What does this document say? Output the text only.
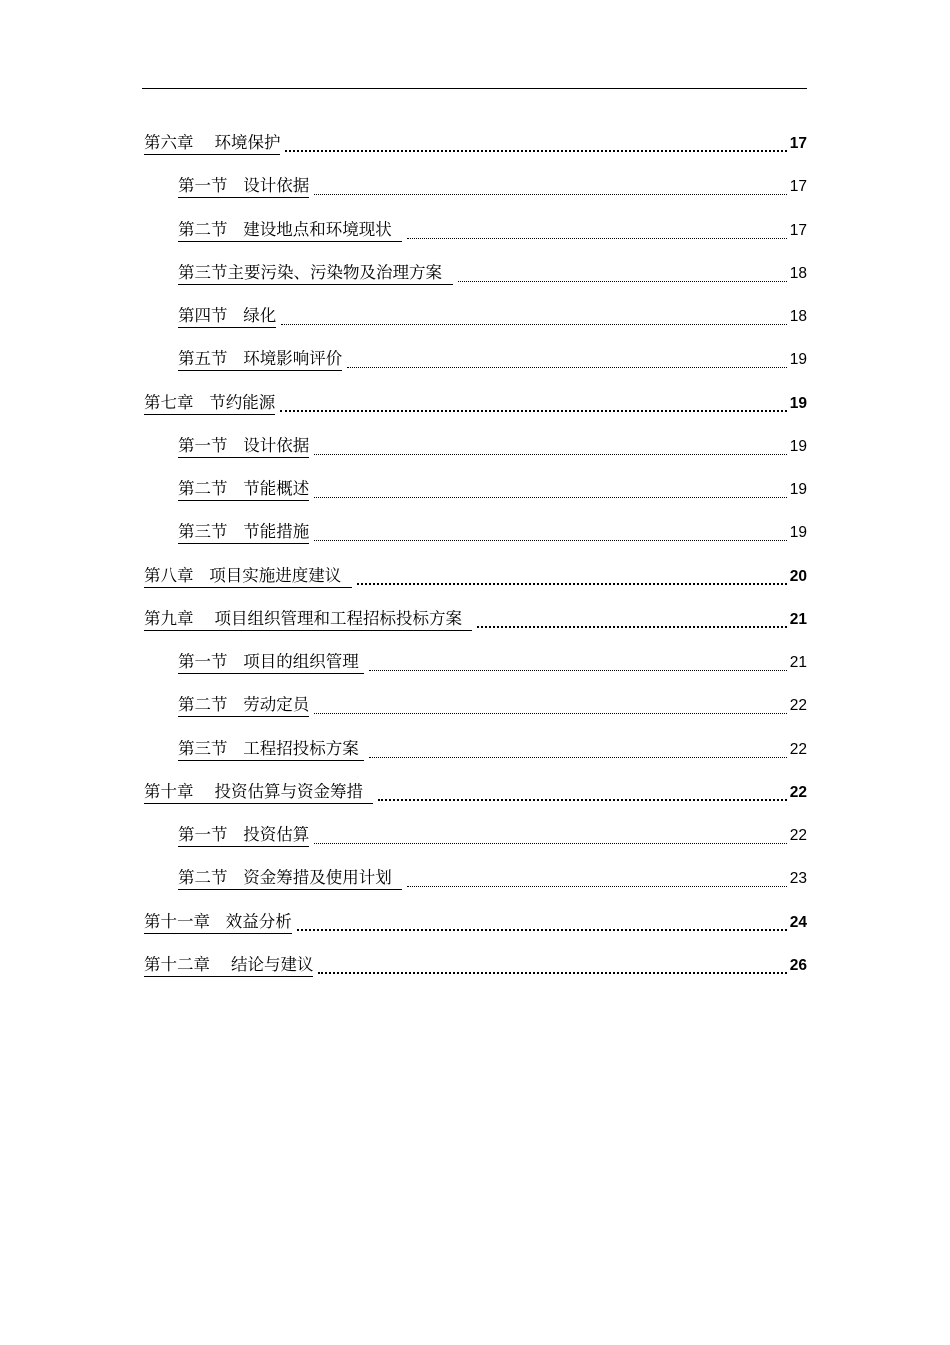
第六章    环境保护	17
第一节   设计依据	17
第二节   建设地点和环境现状	17
第三节主要污染、污染物及治理方案	18
第四节   绿化	18
第五节   环境影响评价	19
第七章   节约能源	19
第一节   设计依据	19
第二节   节能概述	19
第三节   节能措施	19
第八章   项目实施进度建议	20
第九章    项目组织管理和工程招标投标方案	21
第一节   项目的组织管理	21
第二节   劳动定员	22
第三节   工程招投标方案	22
第十章    投资估算与资金筹措	22
第一节   投资估算	22
第二节   资金筹措及使用计划	23
第十一章   效益分析	24
第十二章    结论与建议	26
